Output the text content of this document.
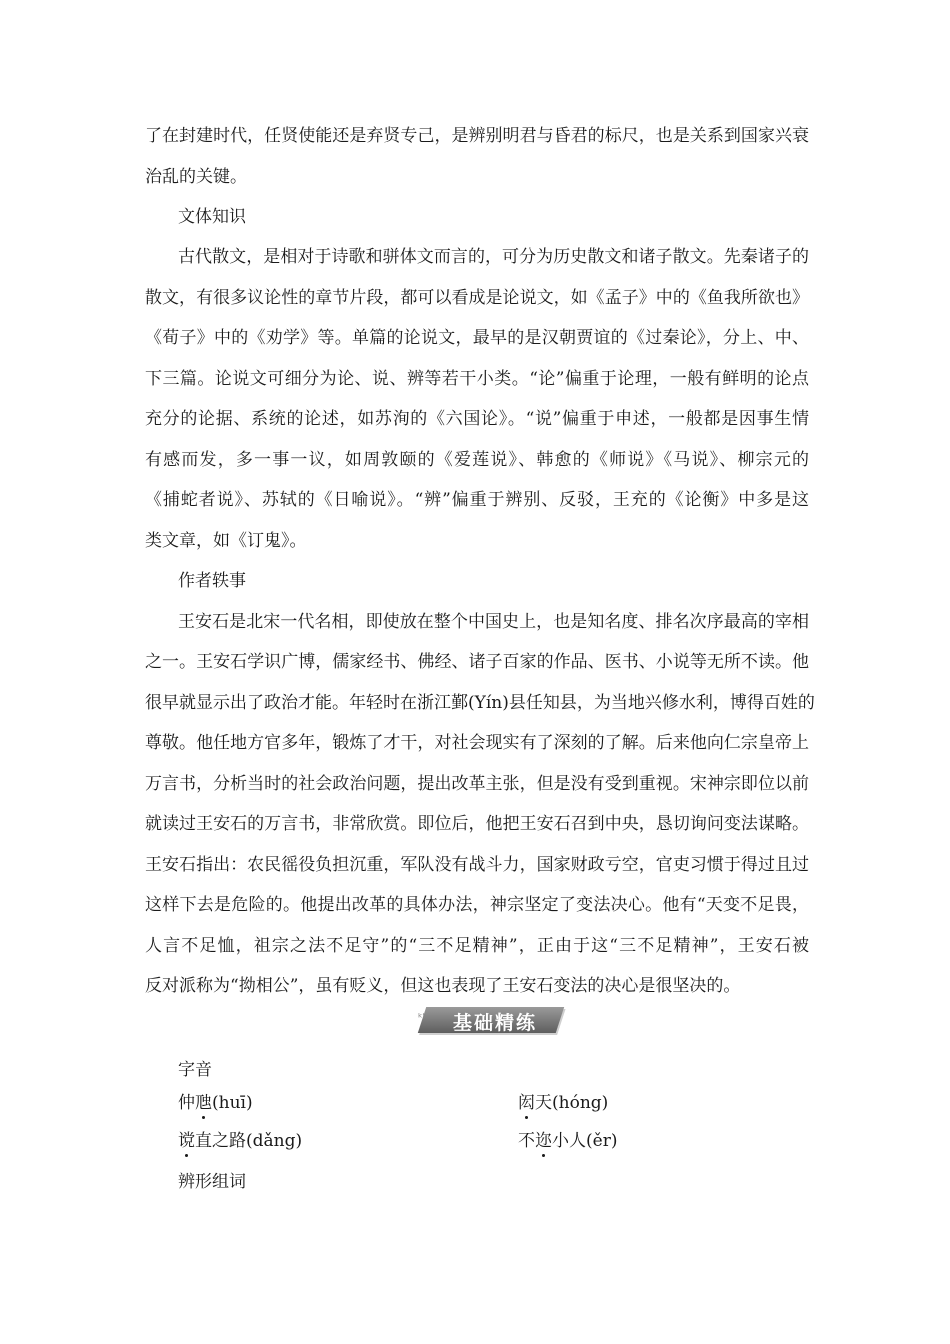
了在封建时代，任贤使能还是弃贤专己，是辨别明君与昏君的标尺，也是关系到国家兴衰
治乱的关键。
文体知识
古代散文，是相对于诗歌和骈体文而言的，可分为历史散文和诸子散文。先秦诸子的
散文，有很多议论性的章节片段，都可以看成是论说文，如《孟子》中的《鱼我所欲也》
《荀子》中的《劝学》等。单篇的论说文，最早的是汉朝贾谊的《过秦论》，分上、中、
下三篇。论说文可细分为论、说、辨等若干小类。“论”偏重于论理，一般有鲜明的论点
充分的论据、系统的论述，如苏洵的《六国论》。“说”偏重于申述，一般都是因事生情
有感而发，多一事一议，如周敦颐的《爱莲说》、韩愈的《师说》《马说》、柳宗元的
《捕蛇者说》、苏轼的《日喻说》。“辨”偏重于辨别、反驳，王充的《论衡》中多是这
类文章，如《订鬼》。
作者轶事
王安石是北宋一代名相，即使放在整个中国史上，也是知名度、排名次序最高的宰相
之一。王安石学识广博，儒家经书、佛经、诸子百家的作品、医书、小说等无所不读。他
很早就显示出了政治才能。年轻时在浙江鄞(Yín)县任知县，为当地兴修水利，博得百姓的
尊敬。他任地方官多年，锻炼了才干，对社会现实有了深刻的了解。后来他向仁宗皇帝上
万言书，分析当时的社会政治问题，提出改革主张，但是没有受到重视。宋神宗即位以前
就读过王安石的万言书，非常欣赏。即位后，他把王安石召到中央，恳切询问变法谋略。
王安石指出：农民徭役负担沉重，军队没有战斗力，国家财政亏空，官吏习惯于得过且过
这样下去是危险的。他提出改革的具体办法，神宗坚定了变法决心。他有“天变不足畏，
人言不足恤，祖宗之法不足守”的“三不足精神”，正由于这“三不足精神”，王安石被
反对派称为“拗相公”，虽有贬义，但这也表现了王安石变法的决心是很坚决的。
ᵏᵗ	基础精练
字音
仲虺(huī)	闳天(hóng)
谠直之路(dǎng)	不迩小人(ěr)
辨形组词
